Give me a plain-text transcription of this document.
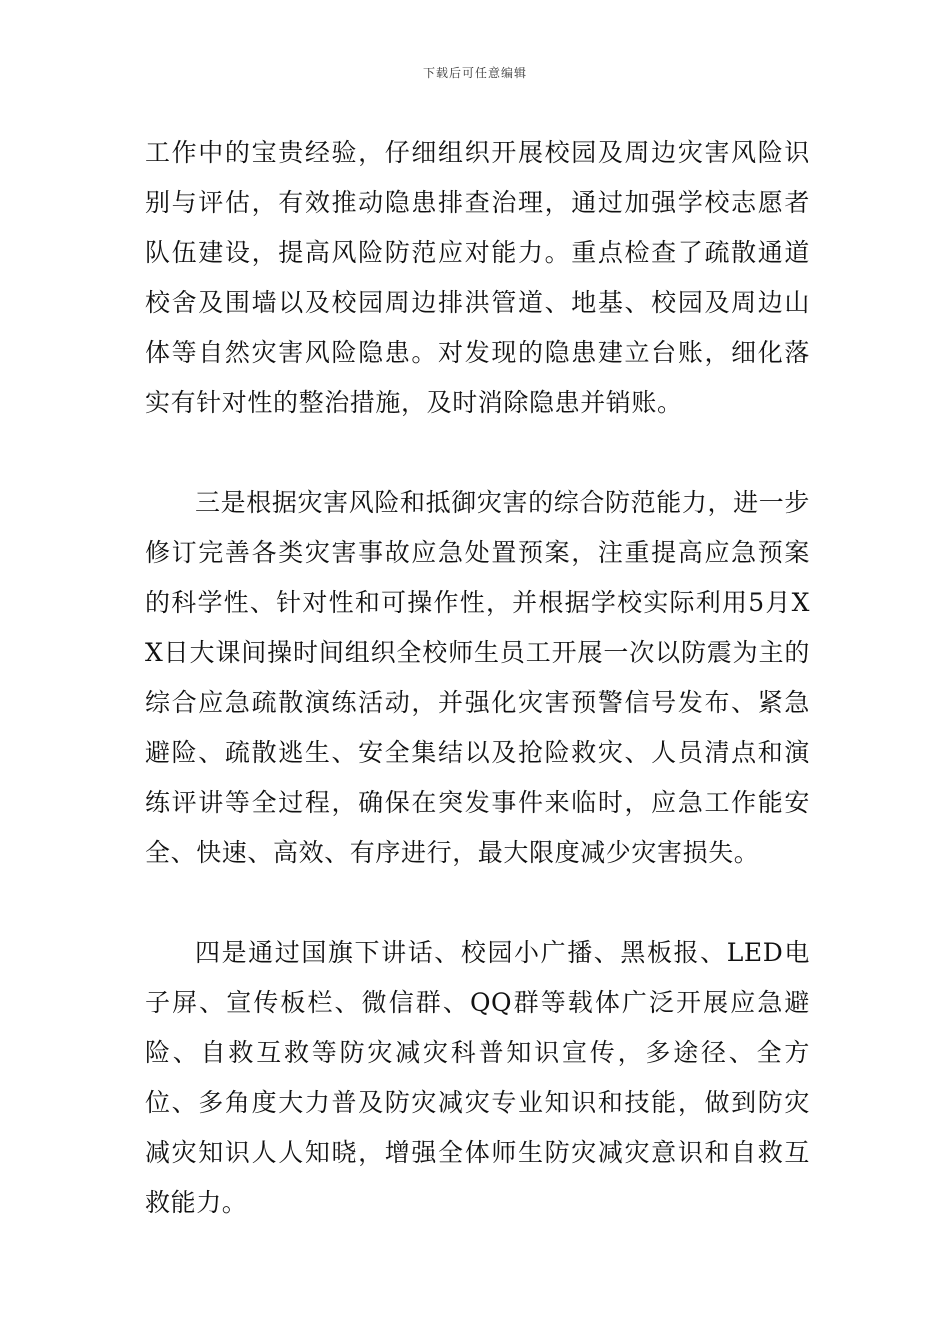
下载后可任意编辑

工作中的宝贵经验，仔细组织开展校园及周边灾害风险识别与评估，有效推动隐患排查治理，通过加强学校志愿者队伍建设，提高风险防范应对能力。重点检查了疏散通道校舍及围墙以及校园周边排洪管道、地基、校园及周边山体等自然灾害风险隐患。对发现的隐患建立台账，细化落实有针对性的整治措施，及时消除隐患并销账。

三是根据灾害风险和抵御灾害的综合防范能力，进一步修订完善各类灾害事故应急处置预案，注重提高应急预案的科学性、针对性和可操作性，并根据学校实际利用5月XX日大课间操时间组织全校师生员工开展一次以防震为主的综合应急疏散演练活动，并强化灾害预警信号发布、紧急避险、疏散逃生、安全集结以及抢险救灾、人员清点和演练评讲等全过程，确保在突发事件来临时，应急工作能安全、快速、高效、有序进行，最大限度减少灾害损失。

四是通过国旗下讲话、校园小广播、黑板报、LED电子屏、宣传板栏、微信群、QQ群等载体广泛开展应急避险、自救互救等防灾减灾科普知识宣传，多途径、全方位、多角度大力普及防灾减灾专业知识和技能，做到防灾减灾知识人人知晓，增强全体师生防灾减灾意识和自救互救能力。
